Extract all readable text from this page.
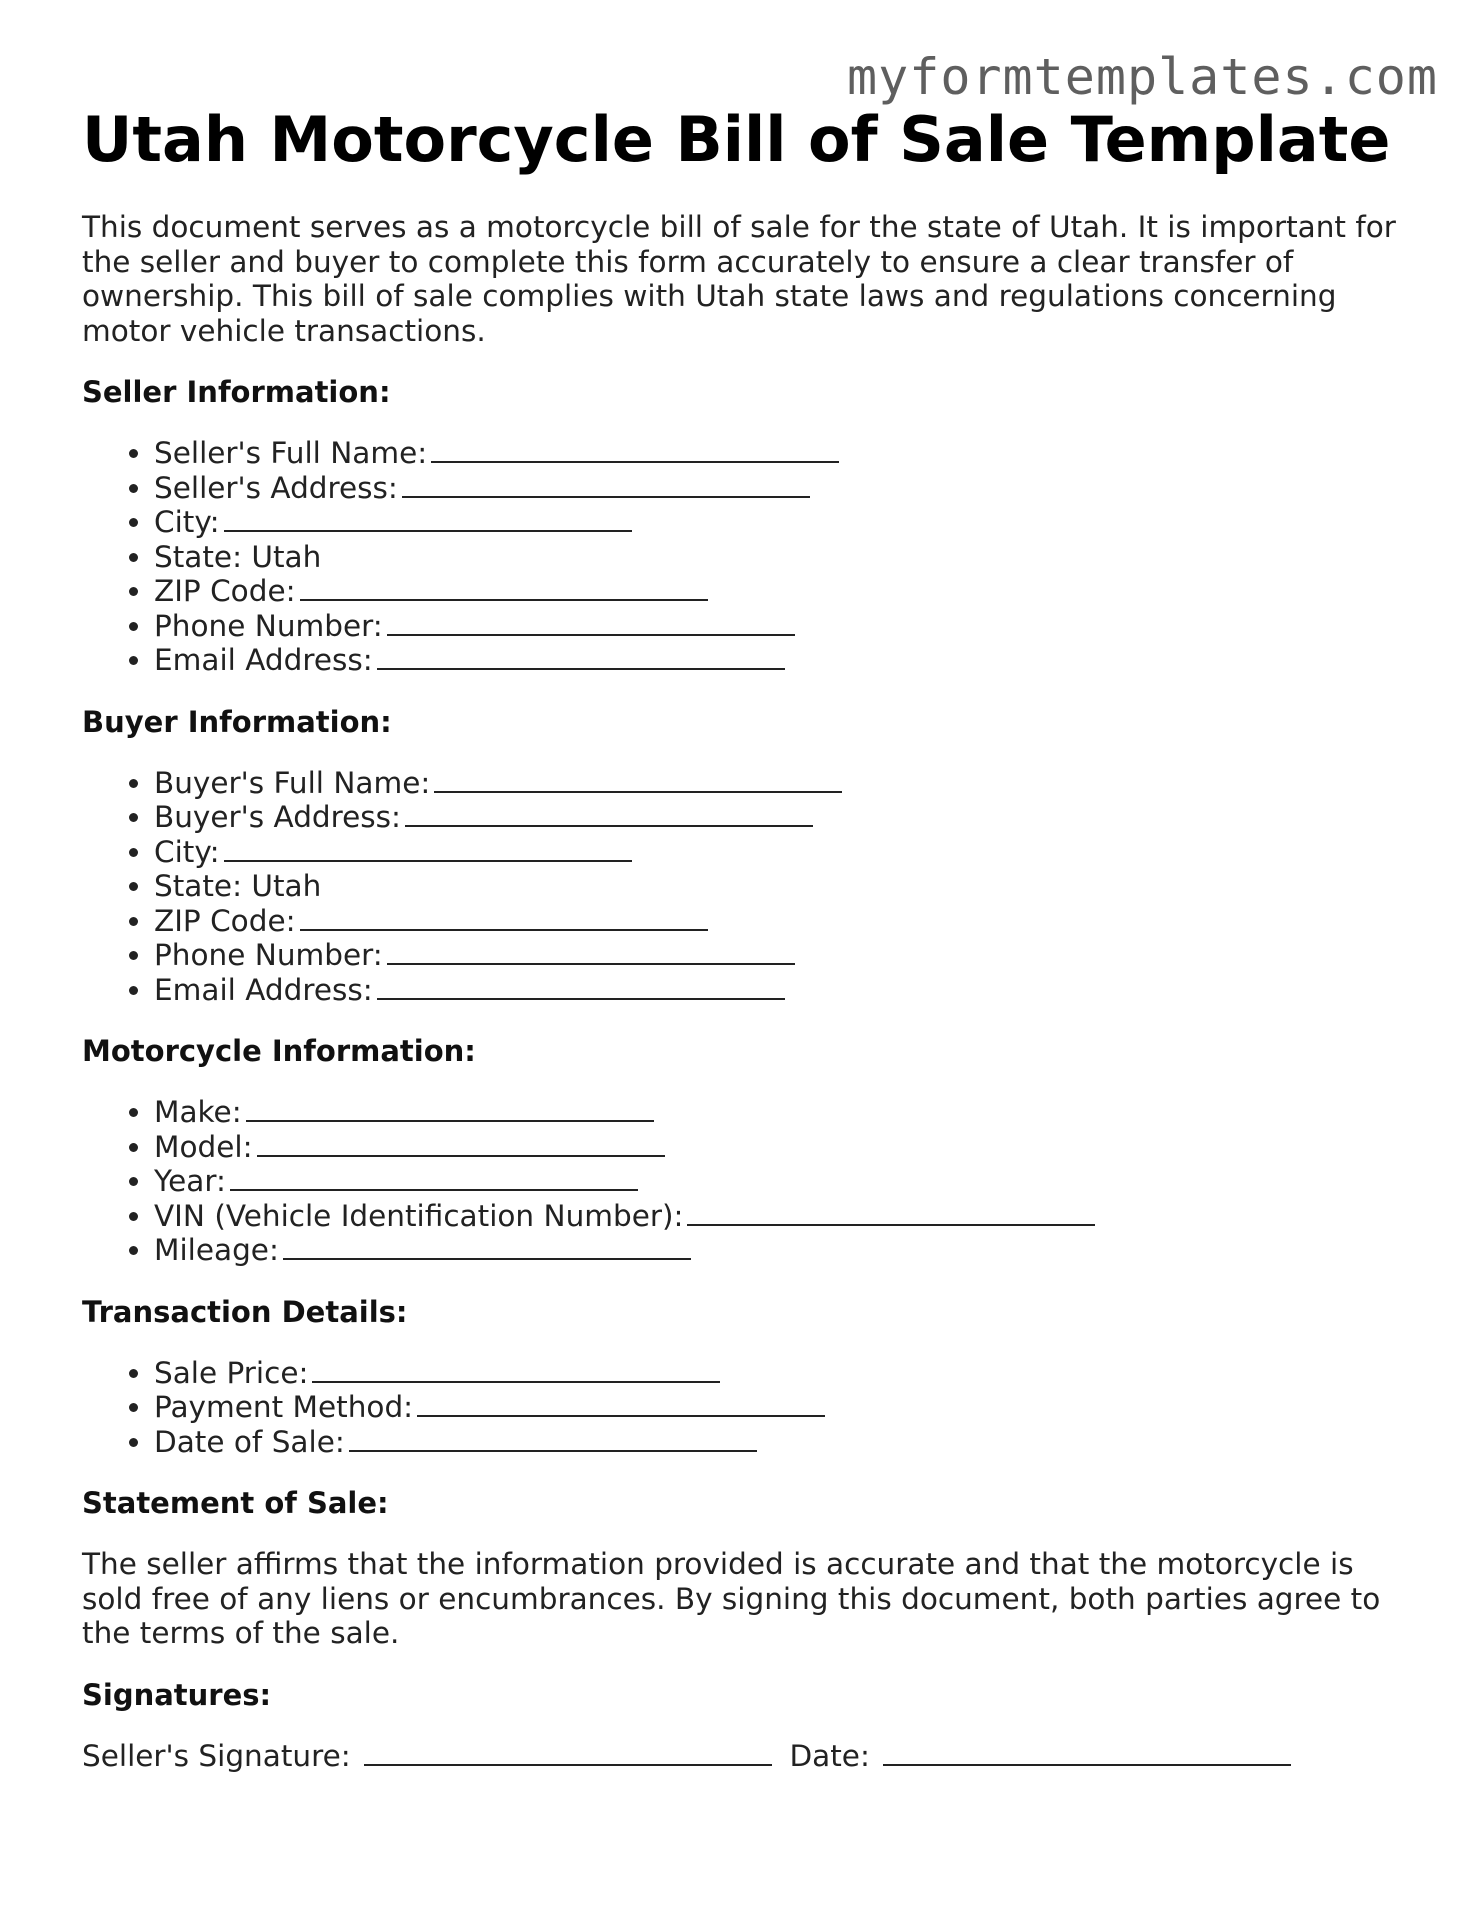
myformtemplates.com
Utah Motorcycle Bill of Sale Template

This document serves as a motorcycle bill of sale for the state of Utah. It is important for the seller and buyer to complete this form accurately to ensure a clear transfer of ownership. This bill of sale complies with Utah state laws and regulations concerning motor vehicle transactions.

Seller Information:
• Seller's Full Name:
• Seller's Address:
• City:
• State: Utah
• ZIP Code:
• Phone Number:
• Email Address:
Buyer Information:
• Buyer's Full Name:
• Buyer's Address:
• City:
• State: Utah
• ZIP Code:
• Phone Number:
• Email Address:
Motorcycle Information:
• Make:
• Model:
• Year:
• VIN (Vehicle Identification Number):
• Mileage:
Transaction Details:
• Sale Price:
• Payment Method:
• Date of Sale:
Statement of Sale:

The seller affirms that the information provided is accurate and that the motorcycle is sold free of any liens or encumbrances. By signing this document, both parties agree to the terms of the sale.

Signatures:
Seller's Signature:	Date:
